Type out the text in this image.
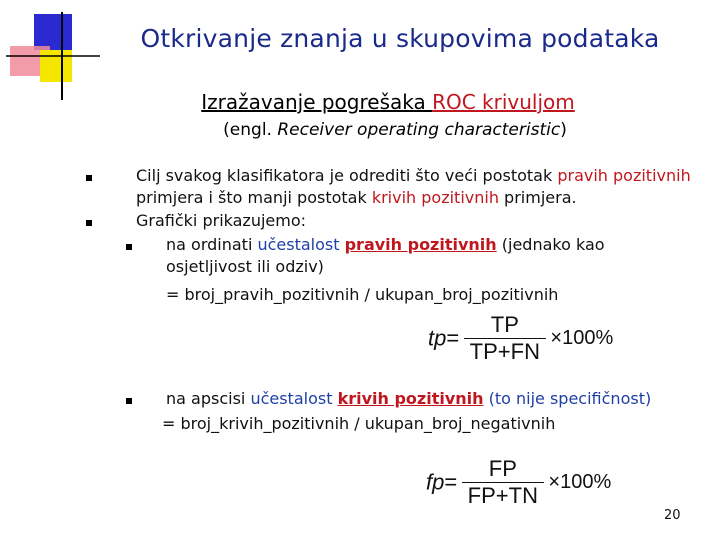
Otkrivanje znanja u skupovima podataka
Izražavanje pogrešaka ROC krivuljom
(engl. Receiver operating characteristic)
Cilj svakog klasifikatora je odrediti što veći postotak pravih pozitivnih
primjera i što manji postotak krivih pozitivnih primjera.
Grafički prikazujemo:
na ordinati učestalost pravih pozitivnih (jednako kao
osjetljivost ili odziv)
= broj_pravih_pozitivnih / ukupan_broj_pozitivnih
$tp= \frac{TP}{TP+FN} \times 100\%$
na apscisi učestalost krivih pozitivnih (to nije specifičnost)
= broj_krivih_pozitivnih / ukupan_broj_negativnih
$fp= \frac{FP}{FP+TN} \times 100\%$
20
